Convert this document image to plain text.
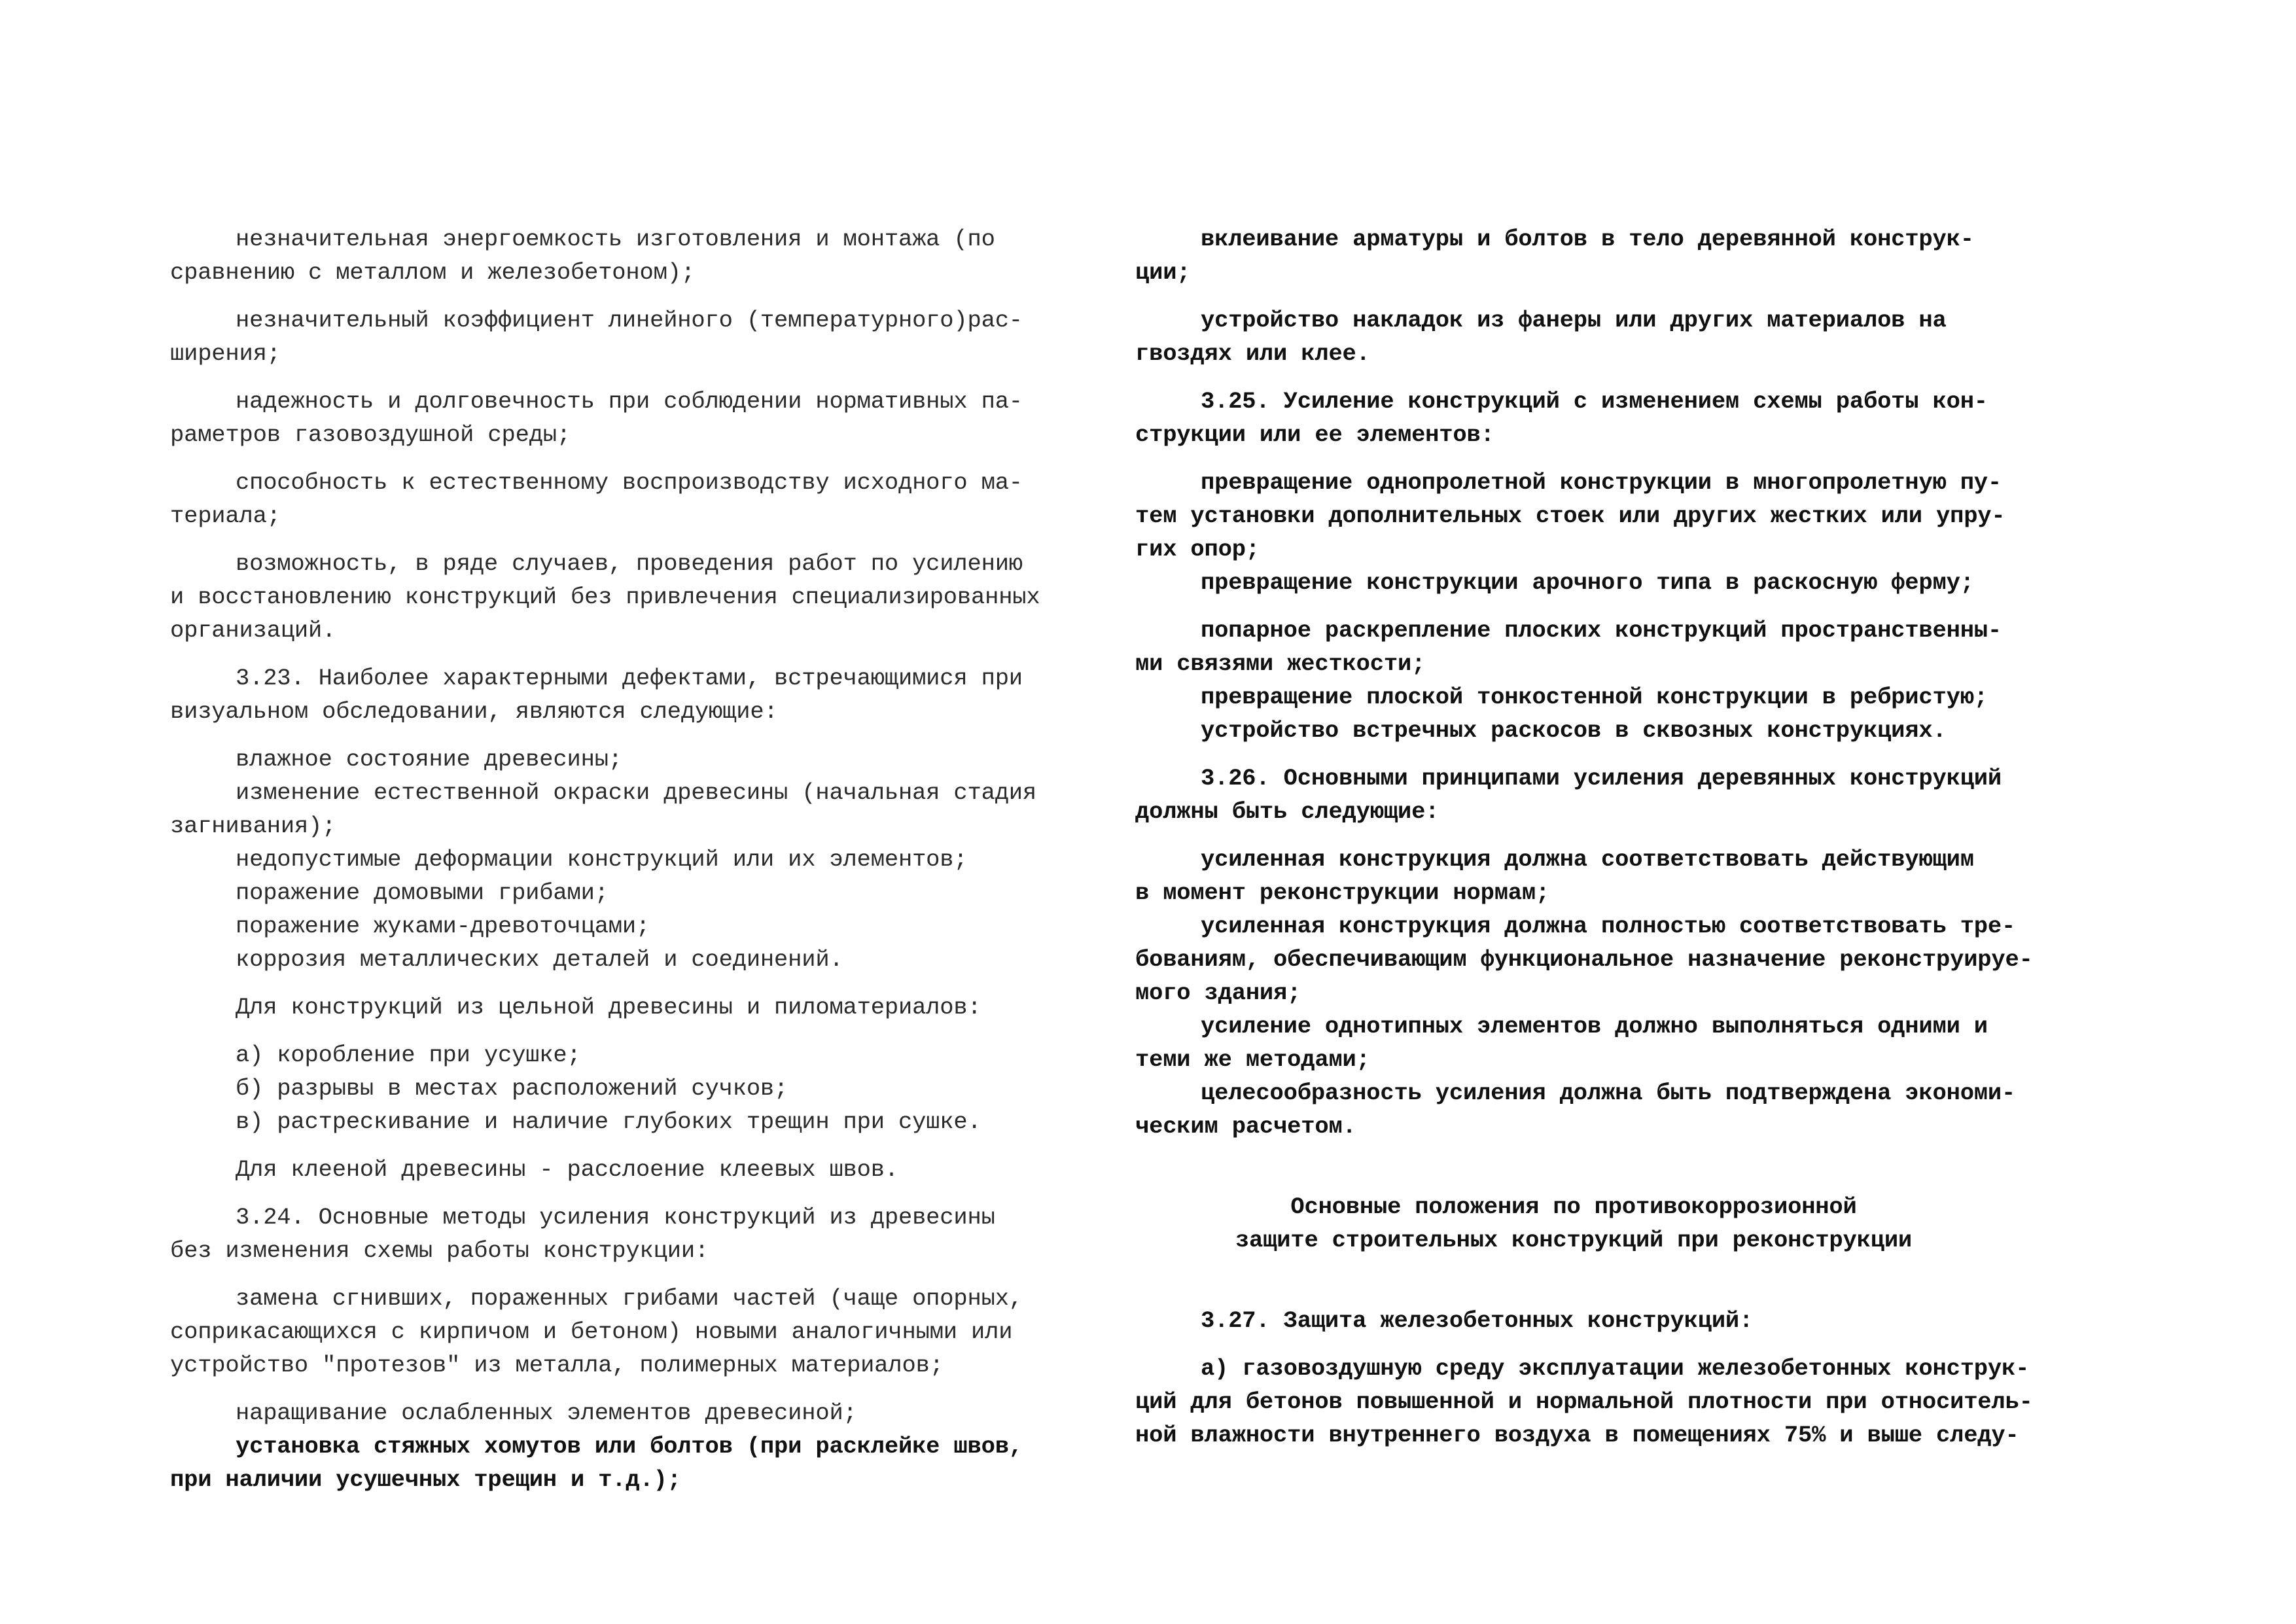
незначительная энергоемкость изготовления и монтажа (по
сравнению с металлом и железобетоном);
незначительный коэффициент линейного (температурного)рас-
ширения;
надежность и долговечность при соблюдении нормативных па-
раметров газовоздушной среды;
способность к естественному воспроизводству исходного ма-
териала;
возможность, в ряде случаев, проведения работ по усилению
и восстановлению конструкций без привлечения специализированных
организаций.
3.23. Наиболее характерными дефектами, встречающимися при
визуальном обследовании, являются следующие:
влажное состояние древесины;
изменение естественной окраски древесины (начальная стадия
загнивания);
недопустимые деформации конструкций или их элементов;
поражение домовыми грибами;
поражение жуками-древоточцами;
коррозия металлических деталей и соединений.
Для конструкций из цельной древесины и пиломатериалов:
а) коробление при усушке;
б) разрывы в местах расположений сучков;
в) растрескивание и наличие глубоких трещин при сушке.
Для клееной древесины - расслоение клеевых швов.
3.24. Основные методы усиления конструкций из древесины
без изменения схемы работы конструкции:
замена сгнивших, пораженных грибами частей (чаще опорных,
соприкасающихся с кирпичом и бетоном) новыми аналогичными или
устройство "протезов" из металла, полимерных материалов;
наращивание ослабленных элементов древесиной;
установка стяжных хомутов или болтов (при расклейке швов,
при наличии усушечных трещин и т.д.);
вклеивание арматуры и болтов в тело деревянной конструк-
ции;
устройство накладок из фанеры или других материалов на
гвоздях или клее.
3.25. Усиление конструкций с изменением схемы работы кон-
струкции или ее элементов:
превращение однопролетной конструкции в многопролетную пу-
тем установки дополнительных стоек или других жестких или упру-
гих опор;
превращение конструкции арочного типа в раскосную ферму;
попарное раскрепление плоских конструкций пространственны-
ми связями жесткости;
превращение плоской тонкостенной конструкции в ребристую;
устройство встречных раскосов в сквозных конструкциях.
3.26. Основными принципами усиления деревянных конструкций
должны быть следующие:
усиленная конструкция должна соответствовать действующим
в момент реконструкции нормам;
усиленная конструкция должна полностью соответствовать тре-
бованиям, обеспечивающим функциональное назначение реконструируе-
мого здания;
усиление однотипных элементов должно выполняться одними и
теми же методами;
целесообразность усиления должна быть подтверждена экономи-
ческим расчетом.
Основные положения по противокоррозионной
защите строительных конструкций при реконструкции
3.27. Защита железобетонных конструкций:
а) газовоздушную среду эксплуатации железобетонных конструк-
ций для бетонов повышенной и нормальной плотности при относитель-
ной влажности внутреннего воздуха в помещениях 75% и выше следу-
